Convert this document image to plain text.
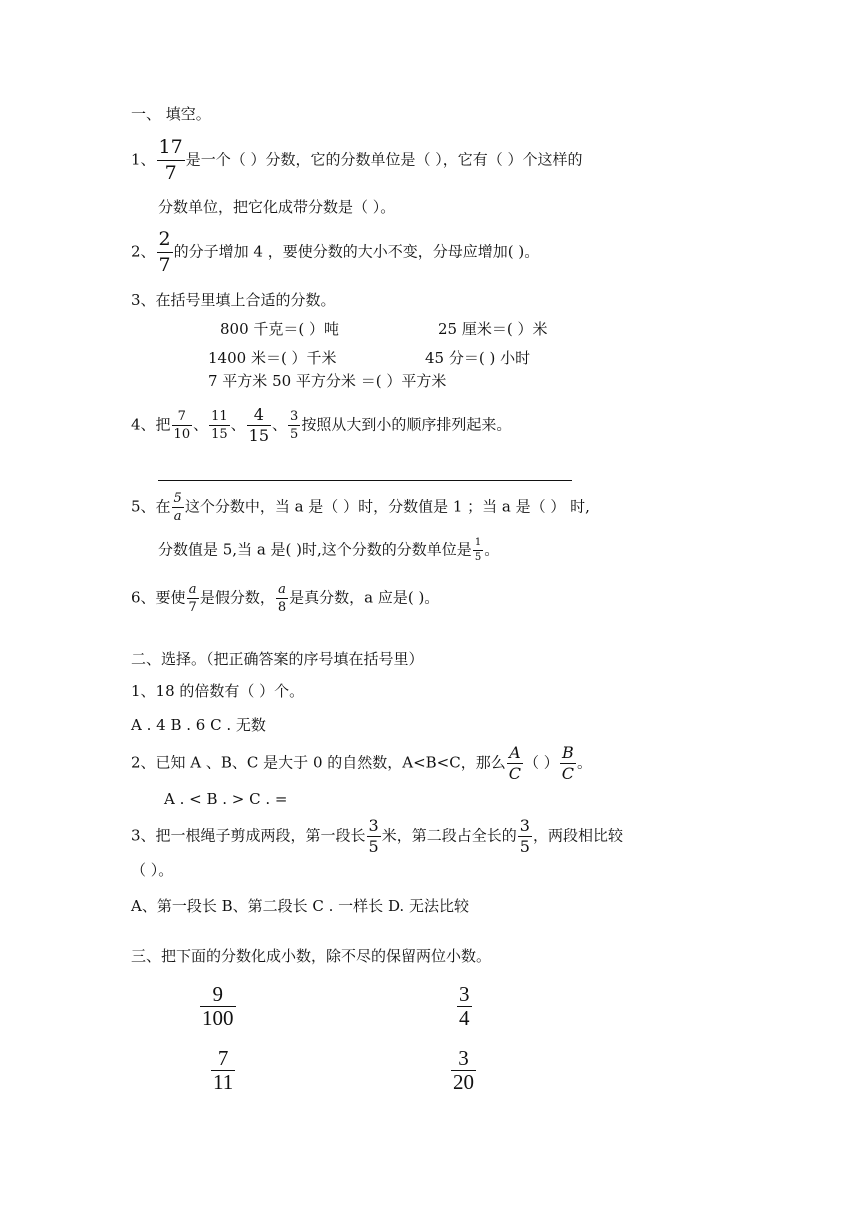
一、 填空。
1、 $\frac{17}{7}$ 是一个（ ）分数，它的分数单位是（ ），它有（ ）个这样的
分数单位，把它化成带分数是（ ）。
2、 $\frac{2}{7}$ 的分子增加 4 ，要使分数的大小不变，分母应增加( )。
3、在括号里填上合适的分数。
800 千克＝( ）吨	25 厘米＝( ）米
1400 米＝( ）千米	45 分＝( ) 小时
7 平方米 50 平方分米 ＝( ）平方米
4、把 $\frac{7}{10}$ 、 $\frac{11}{15}$ 、 $\frac{4}{15}$ 、 $\frac{3}{5}$ 按照从大到小的顺序排列起来。
5、在 $\frac{5}{a}$ 这个分数中，当 a 是（ ）时，分数值是 1 ；当 a 是（ ） 时,
分数值是 5,当 a 是( )时,这个分数的分数单位是 $\frac{1}{5}$ 。
6、要使 $\frac{a}{7}$ 是假分数， $\frac{a}{8}$ 是真分数，a 应是( )。
二、选择。（把正确答案的序号填在括号里）
1、18 的倍数有（ ）个。
A . 4 B . 6 C . 无数
2、已知 A 、B、C 是大于 0 的自然数，A<B<C，那么 $\frac{A}{C}$ （ ） $\frac{B}{C}$ 。
A . < B . > C . =
3、把一根绳子剪成两段，第一段长 $\frac{3}{5}$ 米，第二段占全长的 $\frac{3}{5}$ ，两段相比较
（ ）。
A、第一段长 B、第二段长 C . 一样长 D. 无法比较
三、把下面的分数化成小数，除不尽的保留两位小数。
$\frac{9}{100}$	$\frac{3}{4}$
$\frac{7}{11}$	$\frac{3}{20}$
